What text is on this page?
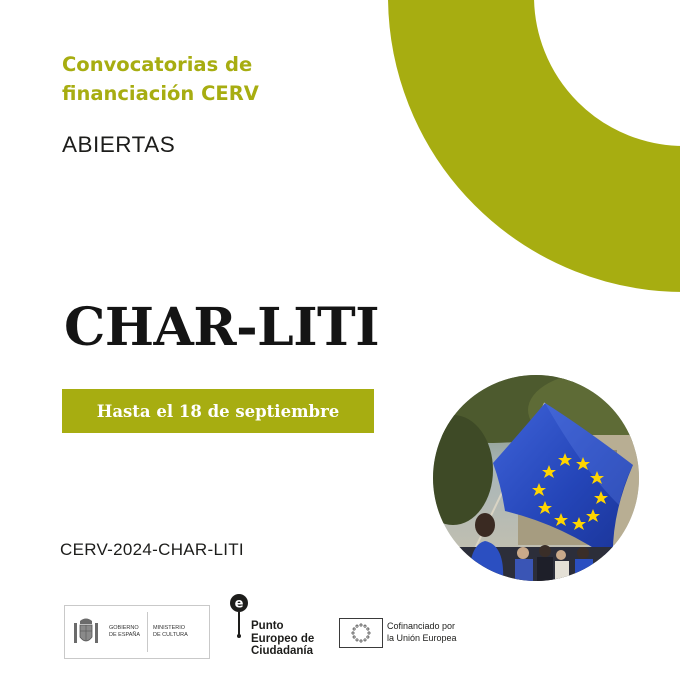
Convocatorias de
financiación CERV
ABIERTAS
CHAR-LITI
Hasta el 18 de septiembre
CERV-2024-CHAR-LITI
GOBIERNO
DE ESPAÑA
MINISTERIO
DE CULTURA
e
Punto
Europeo de
Ciudadanía
Cofinanciado por
la Unión Europea
